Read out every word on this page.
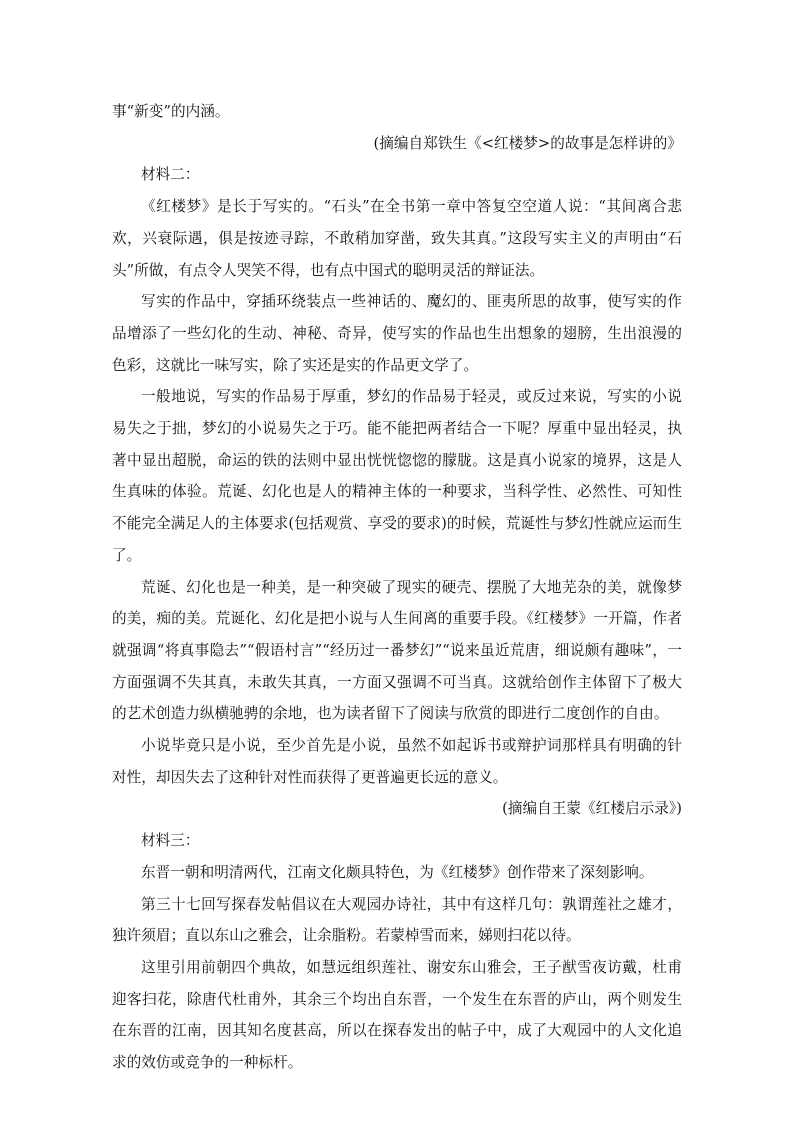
事“新变”的内涵。

(摘编自郑铁生《<红楼梦>的故事是怎样讲的》

材料二：

《红楼梦》是长于写实的。“石头”在全书第一章中答复空空道人说：“其间离合悲欢，兴衰际遇，俱是按迹寻踪，不敢稍加穿凿，致失其真。”这段写实主义的声明由“石头”所做，有点令人哭笑不得，也有点中国式的聪明灵活的辩证法。

写实的作品中，穿插环绕装点一些神话的、魔幻的、匪夷所思的故事，使写实的作品增添了一些幻化的生动、神秘、奇异，使写实的作品也生出想象的翅膀，生出浪漫的色彩，这就比一味写实，除了实还是实的作品更文学了。

一般地说，写实的作品易于厚重，梦幻的作品易于轻灵，或反过来说，写实的小说易失之于拙，梦幻的小说易失之于巧。能不能把两者结合一下呢？厚重中显出轻灵，执著中显出超脱，命运的铁的法则中显出恍恍惚惚的朦胧。这是真小说家的境界，这是人生真味的体验。荒诞、幻化也是人的精神主体的一种要求，当科学性、必然性、可知性不能完全满足人的主体要求(包括观赏、享受的要求)的时候，荒诞性与梦幻性就应运而生了。

荒诞、幻化也是一种美，是一种突破了现实的硬壳、摆脱了大地芜杂的美，就像梦的美，痴的美。荒诞化、幻化是把小说与人生间离的重要手段。《红楼梦》一开篇，作者就强调“将真事隐去”“假语村言”“经历过一番梦幻”“说来虽近荒唐，细说颇有趣味”，一方面强调不失其真，未敢失其真，一方面又强调不可当真。这就给创作主体留下了极大的艺术创造力纵横驰骋的余地，也为读者留下了阅读与欣赏的即进行二度创作的自由。

小说毕竟只是小说，至少首先是小说，虽然不如起诉书或辩护词那样具有明确的针对性，却因失去了这种针对性而获得了更普遍更长远的意义。

(摘编自王蒙《红楼启示录》)

材料三：

东晋一朝和明清两代，江南文化颇具特色，为《红楼梦》创作带来了深刻影响。

第三十七回写探春发帖倡议在大观园办诗社，其中有这样几句：孰谓莲社之雄才，独许须眉；直以东山之雅会，让余脂粉。若蒙棹雪而来，娣则扫花以待。

这里引用前朝四个典故，如慧远组织莲社、谢安东山雅会，王子猷雪夜访戴，杜甫迎客扫花，除唐代杜甫外，其余三个均出自东晋，一个发生在东晋的庐山，两个则发生在东晋的江南，因其知名度甚高，所以在探春发出的帖子中，成了大观园中的人文化追求的效仿或竞争的一种标杆。
